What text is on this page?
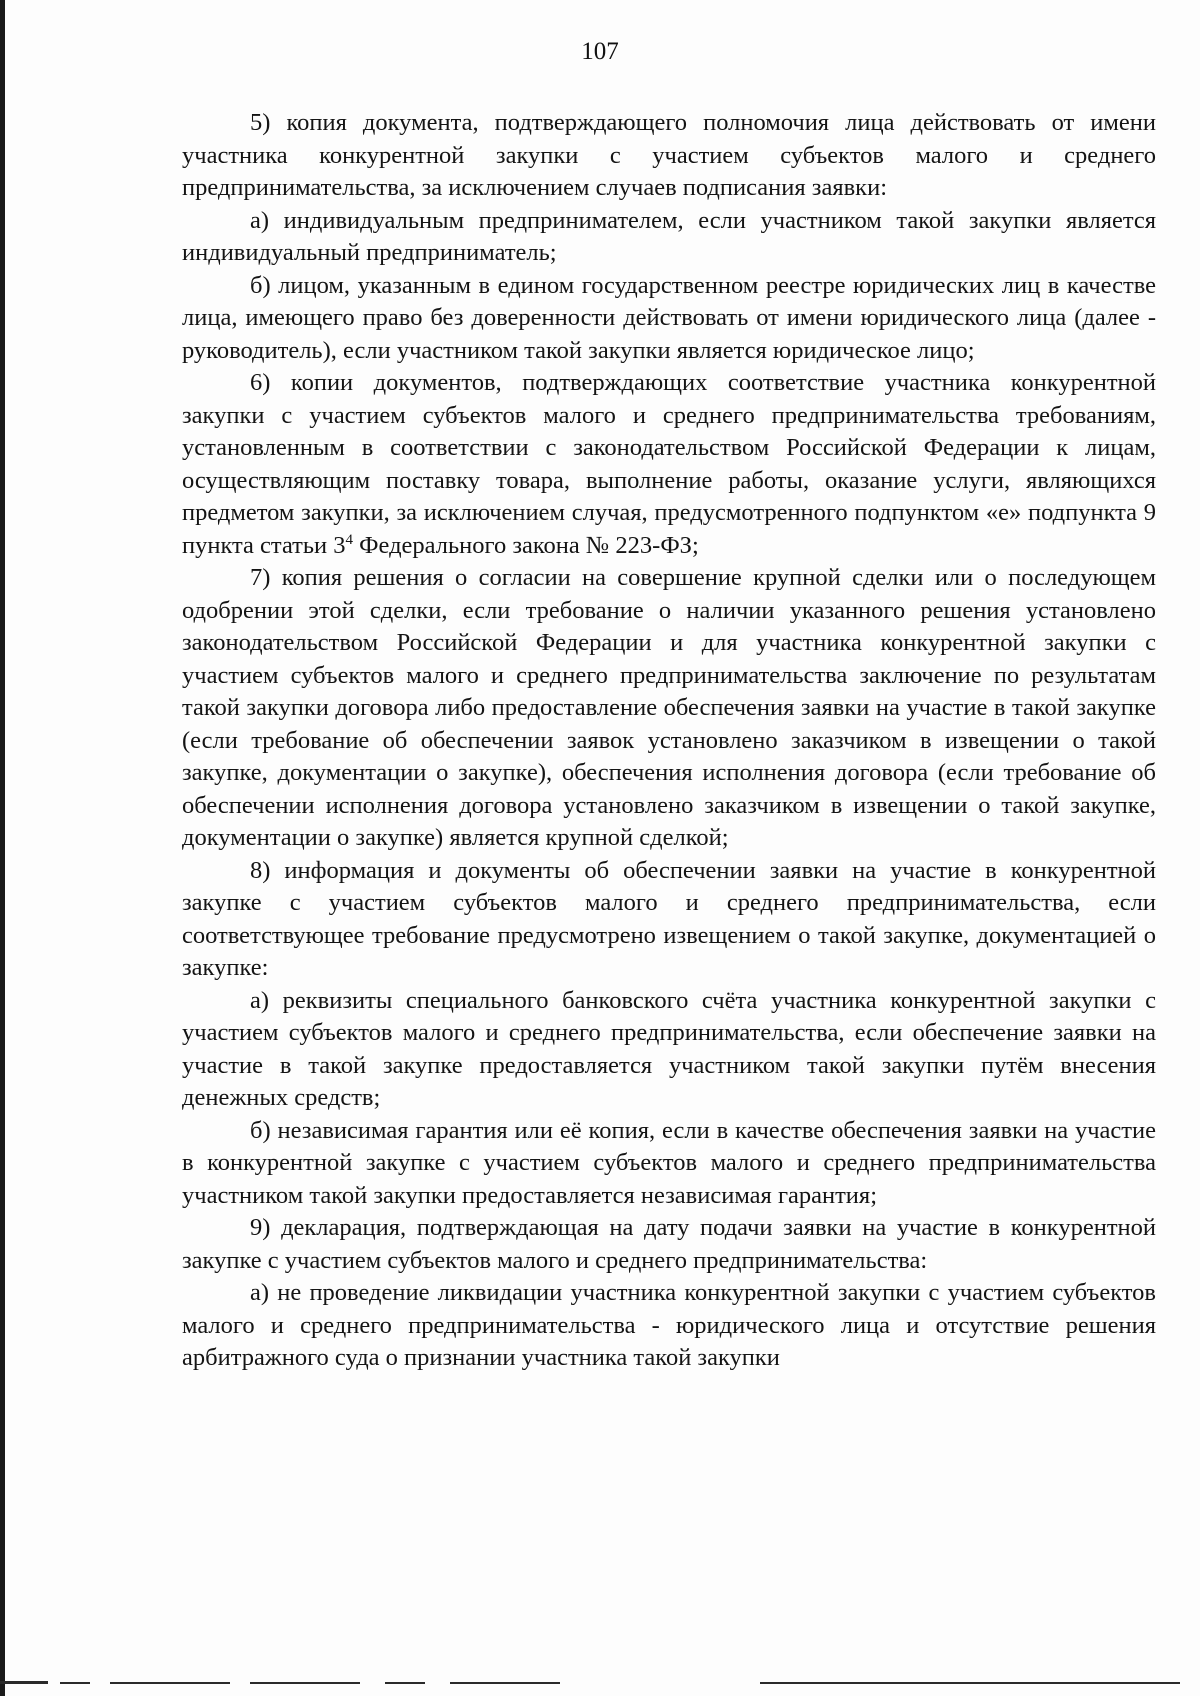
107

5) копия документа, подтверждающего полномочия лица действовать от имени участника конкурентной закупки с участием субъектов малого и среднего предпринимательства, за исключением случаев подписания заявки:

а) индивидуальным предпринимателем, если участником такой закупки является индивидуальный предприниматель;

б) лицом, указанным в едином государственном реестре юридических лиц в качестве лица, имеющего право без доверенности действовать от имени юридического лица (далее - руководитель), если участником такой закупки является юридическое лицо;

6) копии документов, подтверждающих соответствие участника конкурентной закупки с участием субъектов малого и среднего предпринимательства требованиям, установленным в соответствии с законодательством Российской Федерации к лицам, осуществляющим поставку товара, выполнение работы, оказание услуги, являющихся предметом закупки, за исключением случая, предусмотренного подпунктом «е» подпункта 9 пункта статьи $3^4$ Федерального закона № 223-ФЗ;

7) копия решения о согласии на совершение крупной сделки или о последующем одобрении этой сделки, если требование о наличии указанного решения установлено законодательством Российской Федерации и для участника конкурентной закупки с участием субъектов малого и среднего предпринимательства заключение по результатам такой закупки договора либо предоставление обеспечения заявки на участие в такой закупке (если требование об обеспечении заявок установлено заказчиком в извещении о такой закупке, документации о закупке), обеспечения исполнения договора (если требование об обеспечении исполнения договора установлено заказчиком в извещении о такой закупке, документации о закупке) является крупной сделкой;

8) информация и документы об обеспечении заявки на участие в конкурентной закупке с участием субъектов малого и среднего предпринимательства, если соответствующее требование предусмотрено извещением о такой закупке, документацией о закупке:

а) реквизиты специального банковского счёта участника конкурентной закупки с участием субъектов малого и среднего предпринимательства, если обеспечение заявки на участие в такой закупке предоставляется участником такой закупки путём внесения денежных средств;

б) независимая гарантия или её копия, если в качестве обеспечения заявки на участие в конкурентной закупке с участием субъектов малого и среднего предпринимательства участником такой закупки предоставляется независимая гарантия;

9) декларация, подтверждающая на дату подачи заявки на участие в конкурентной закупке с участием субъектов малого и среднего предпринимательства:

а) не проведение ликвидации участника конкурентной закупки с участием субъектов малого и среднего предпринимательства - юридического лица и отсутствие решения арбитражного суда о признании участника такой закупки
